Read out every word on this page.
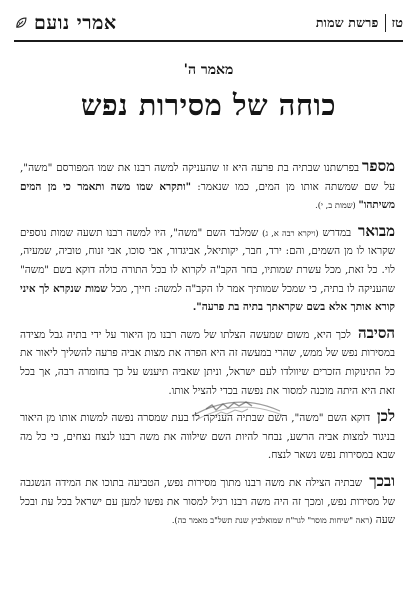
טז
פרשת שמות
אמרי נועם
מאמר ה'
כוחה של מסירות נפש

מספרבפרשתנו שבתיה בת פרעה היא זו שהעניקה למשה רבנו את שמו המפורסם "משה", על שם שמשתה אותו מן המים, כמו שנאמר: "ותקרא שמו משה ותאמר כי מן המים משיתהו" (שמות ב, י).

מבואר במדרש (ויקרא רבה א, ג) שמלבד השם "משה", היו למשה רבנו תשעה שמות נוספים שקראו לו מן השמים, והם: ירד, חבר, יקותיאל, אביגדור, אבי סוכו, אבי זנוח, טוביה, שמעיה, לוי. כל זאת, מכל עשרת שמותיו, בחר הקב"ה לקרוא לו בכל התורה כולה דוקא בשם "משה" שהעניקה לו בתיה, כי שמכל שמותיך אמר לו הקב"ה למשה: חייך, מכל שמות שנקרא לך איני קורא אותך אלא בשם שקראתך בתיה בת פרעה".

הסיבה לכך היא, משום שמעשה הצלתו של משה רבנו מן היאור על ידי בתיה גבל מצידה במסירות נפש של ממש, שהרי במעשה זה היא הפרה את מצות אביה פרעה להשליך ליאור את כל התינוקות הזכרים שיוולדו לעם ישראל, וניתן שאביה תיענש על כך בחומרה רבה, אך בכל זאת היא היתה מוכנה למסור את נפשה בכדי להציל אותו.

לכן דוקא השם "משה", השם שבתיה העניקה לו בעת שמסרה נפשה למשות אותו מן היאור בניגוד למצות אביה הרשע, נבחר להיות השם שילווה את משה רבנו לנצח נצחים, כי כל מה שבא במסירות נפש נשאר לנצח.

ובכך שבתיה הצילה את משה רבנו מתוך מסירות נפש, הטביעה בתוכו את המידה הנשגבה של מסירות נפש, ומכך זה היה משה רבנו רגיל למסור את נפשו למען עם ישראל בכל עת ובכל שעה (ראה "שיחות מוסר" לגר"ח שמואלביץ שנת תשל"ב מאמר כה).
